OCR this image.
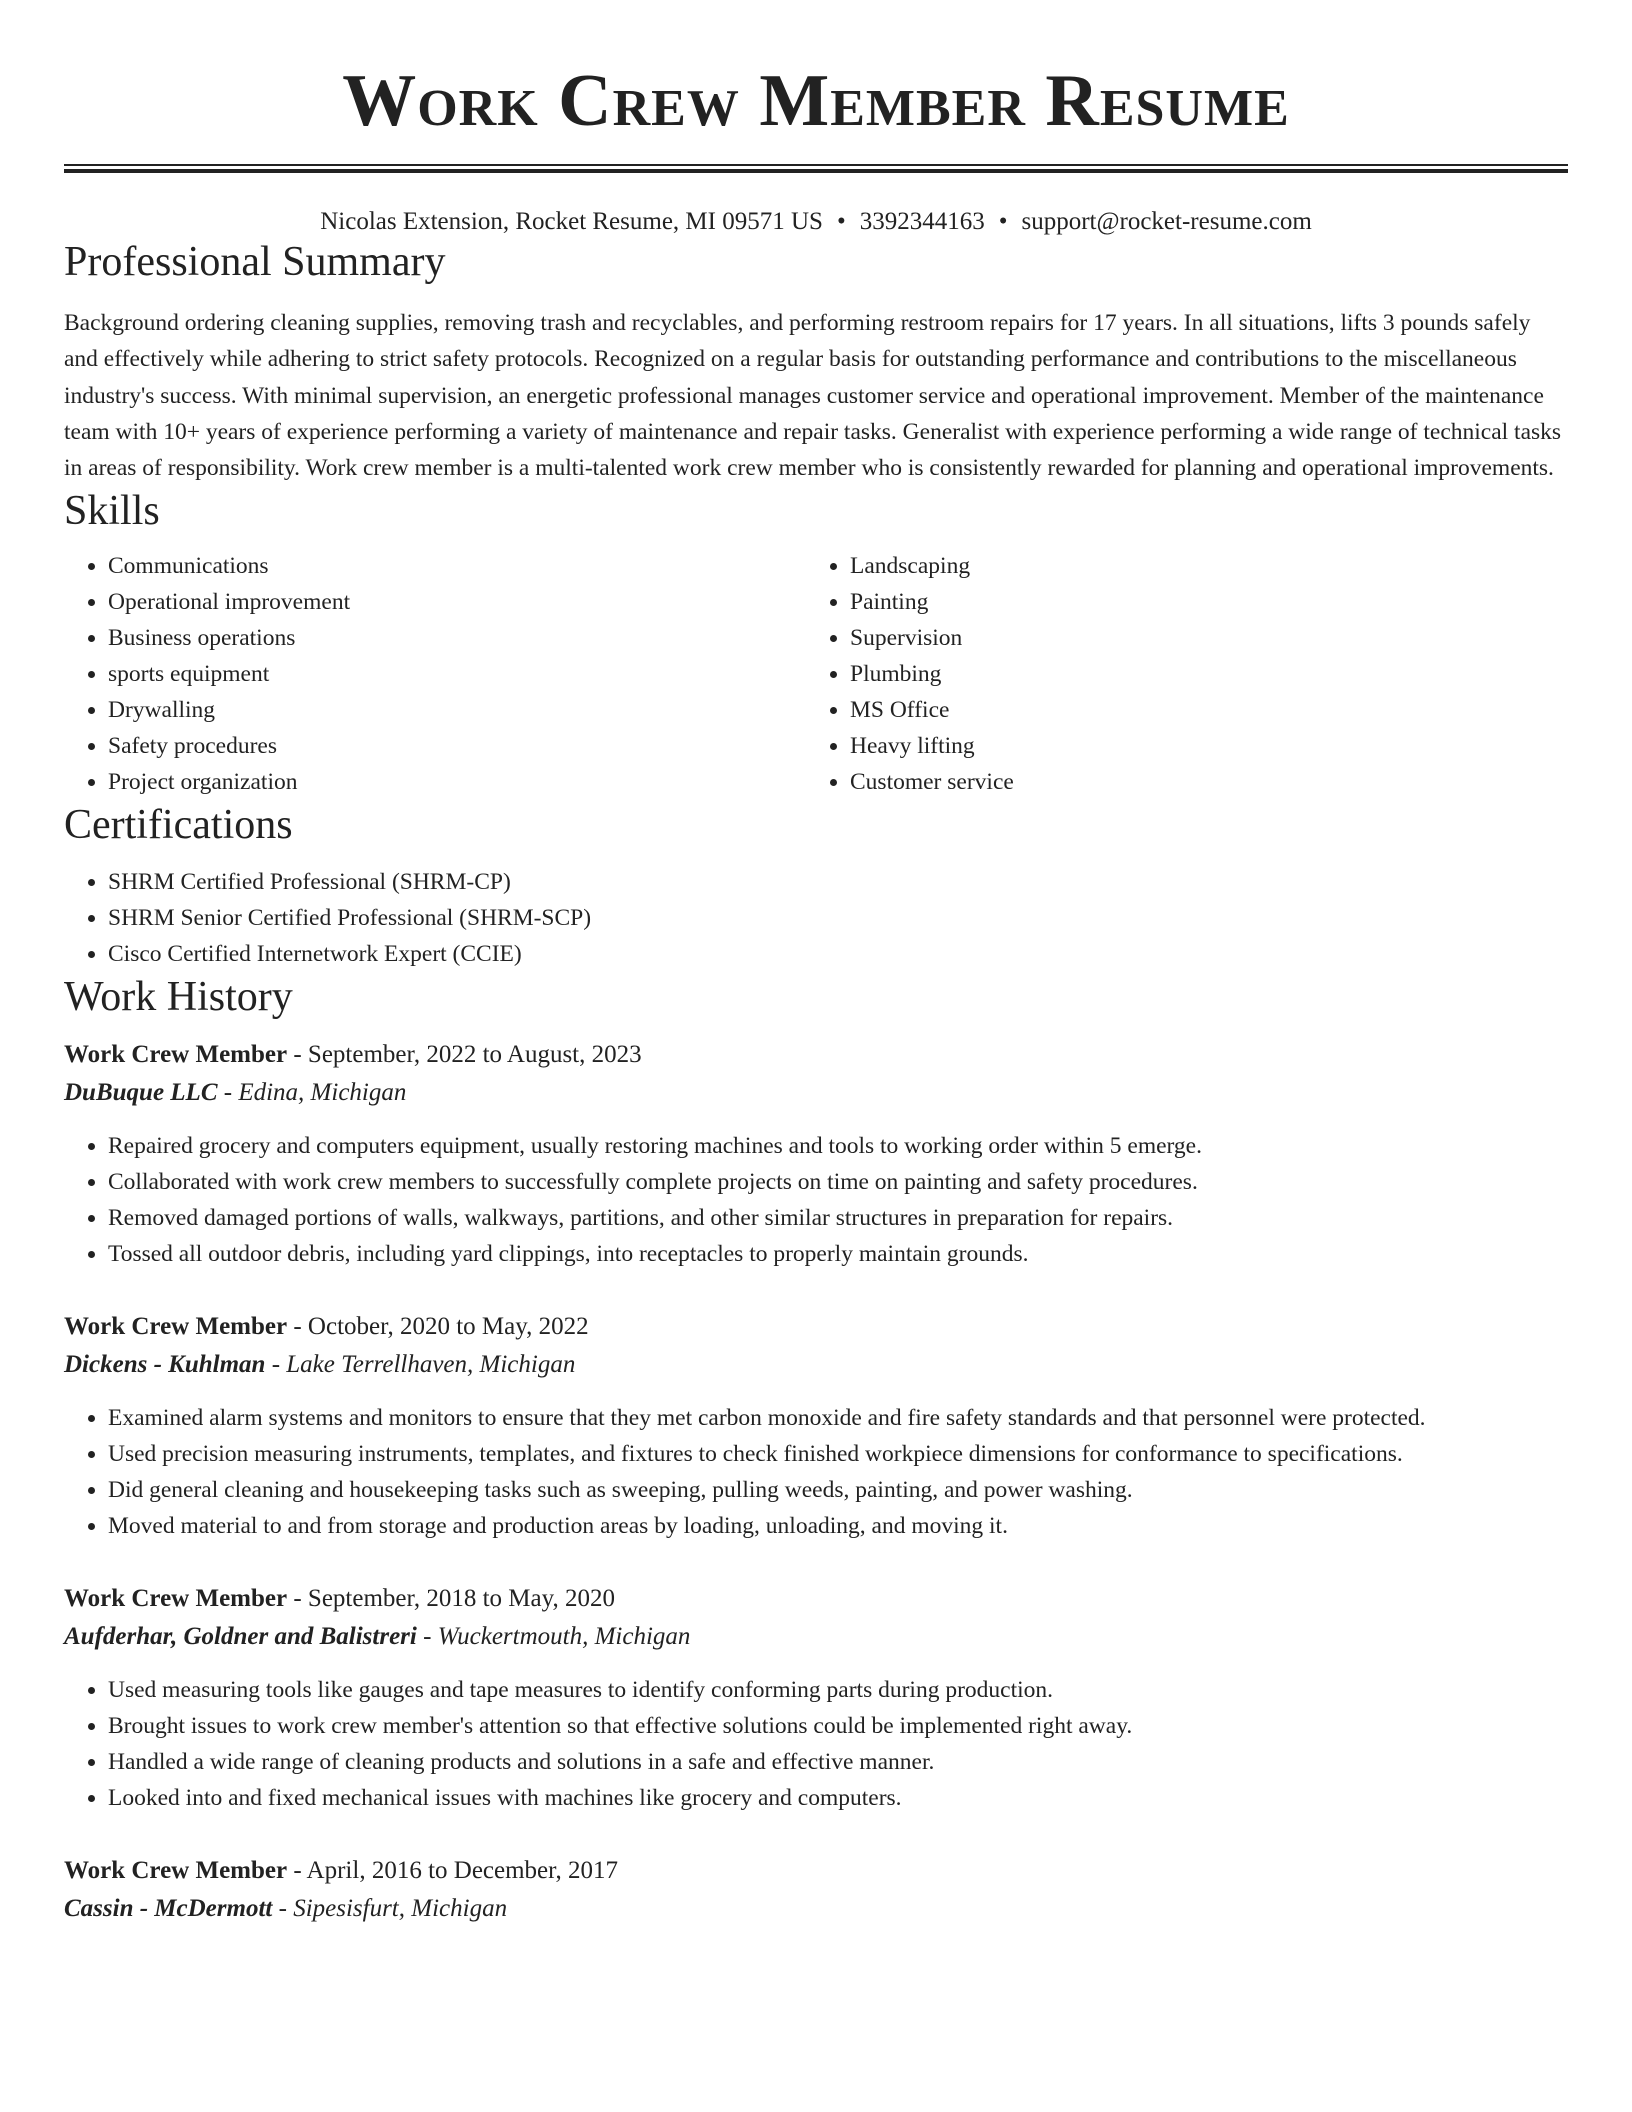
Work Crew Member Resume
Nicolas Extension, Rocket Resume, MI 09571 US • 3392344163 • support@rocket-resume.com
Professional Summary
Background ordering cleaning supplies, removing trash and recyclables, and performing restroom repairs for 17 years. In all situations, lifts 3 pounds safely and effectively while adhering to strict safety protocols. Recognized on a regular basis for outstanding performance and contributions to the miscellaneous industry's success. With minimal supervision, an energetic professional manages customer service and operational improvement. Member of the maintenance team with 10+ years of experience performing a variety of maintenance and repair tasks. Generalist with experience performing a wide range of technical tasks in areas of responsibility. Work crew member is a multi-talented work crew member who is consistently rewarded for planning and operational improvements.
Skills
• Communications
• Operational improvement
• Business operations
• sports equipment
• Drywalling
• Safety procedures
• Project organization
• Landscaping
• Painting
• Supervision
• Plumbing
• MS Office
• Heavy lifting
• Customer service
Certifications
• SHRM Certified Professional (SHRM-CP)
• SHRM Senior Certified Professional (SHRM-SCP)
• Cisco Certified Internetwork Expert (CCIE)
Work History
Work Crew Member - September, 2022 to August, 2023
DuBuque LLC - Edina, Michigan
• Repaired grocery and computers equipment, usually restoring machines and tools to working order within 5 emerge.
• Collaborated with work crew members to successfully complete projects on time on painting and safety procedures.
• Removed damaged portions of walls, walkways, partitions, and other similar structures in preparation for repairs.
• Tossed all outdoor debris, including yard clippings, into receptacles to properly maintain grounds.
Work Crew Member - October, 2020 to May, 2022
Dickens - Kuhlman - Lake Terrellhaven, Michigan
• Examined alarm systems and monitors to ensure that they met carbon monoxide and fire safety standards and that personnel were protected.
• Used precision measuring instruments, templates, and fixtures to check finished workpiece dimensions for conformance to specifications.
• Did general cleaning and housekeeping tasks such as sweeping, pulling weeds, painting, and power washing.
• Moved material to and from storage and production areas by loading, unloading, and moving it.
Work Crew Member - September, 2018 to May, 2020
Aufderhar, Goldner and Balistreri - Wuckertmouth, Michigan
• Used measuring tools like gauges and tape measures to identify conforming parts during production.
• Brought issues to work crew member's attention so that effective solutions could be implemented right away.
• Handled a wide range of cleaning products and solutions in a safe and effective manner.
• Looked into and fixed mechanical issues with machines like grocery and computers.
Work Crew Member - April, 2016 to December, 2017
Cassin - McDermott - Sipesisfurt, Michigan
